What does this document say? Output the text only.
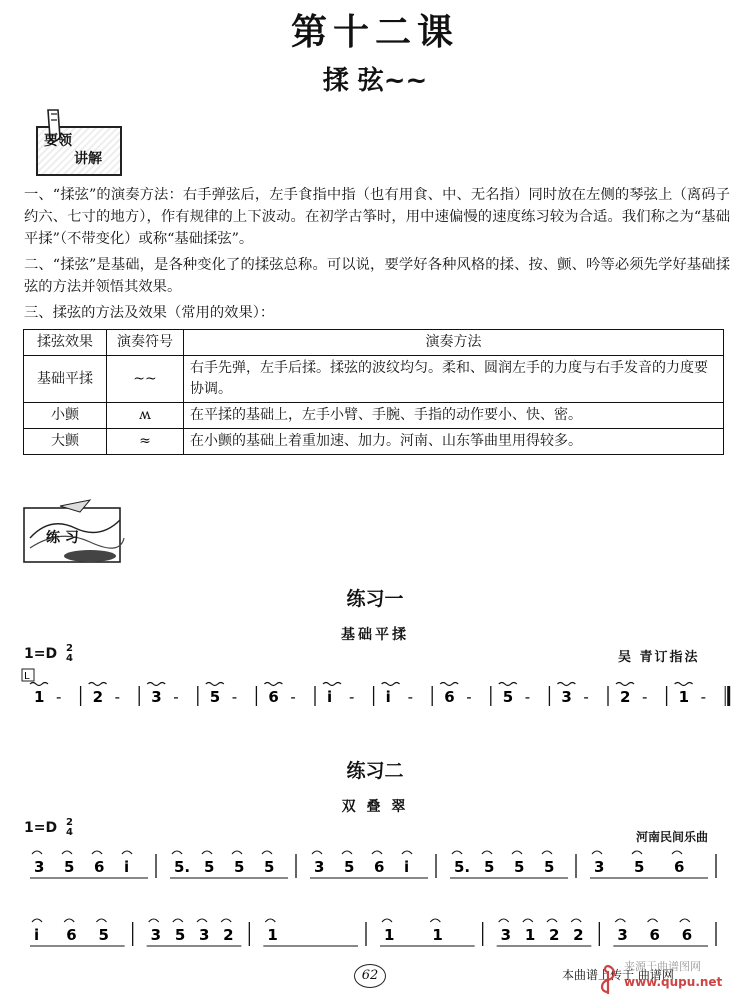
第十二课
揉 弦~~
要领
讲解
一、“揉弦”的演奏方法：右手弹弦后，左手食指中指（也有用食、中、无名指）同时放在左侧的琴弦上（离码子约六、七寸的地方），作有规律的上下波动。在初学古筝时，用中速偏慢的速度练习较为合适。我们称之为“基础平揉”（不带变化）或称“基础揉弦”。
二、“揉弦”是基础，是各种变化了的揉弦总称。可以说，要学好各种风格的揉、按、颤、吟等必须先学好基础揉弦的方法并领悟其效果。
三、揉弦的方法及效果（常用的效果）：
揉弦效果	演奏符号	演奏方法
基础平揉	~~	右手先弹，左手后揉。揉弦的波纹均匀。柔和、圆润左手的力度与右手发音的力度要协调。
小颤	ʍ	在平揉的基础上，左手小臂、手腕、手指的动作要小、快、密。
大颤	≈	在小颤的基础上着重加速、加力。河南、山东筝曲里用得较多。
练 习
练习一
基础平揉
1=D 2
4	吴 青订指法
L
1 - 2 - 3 - 5 - 6 - i - i - 6 - 5 - 3 - 2 - 1 -
练习二
双 叠 翠
1=D 2
4	河南民间乐曲
3 5 6 i	5. 5 5 5	3 5 6 i	5. 5 5 5	3 5 6
i 6 5	3 5 3 2 1	1	1	3 1 2 2 3 6 6
62	本曲谱上传于 曲谱网
来源于曲谱图网
www.qupu.net
